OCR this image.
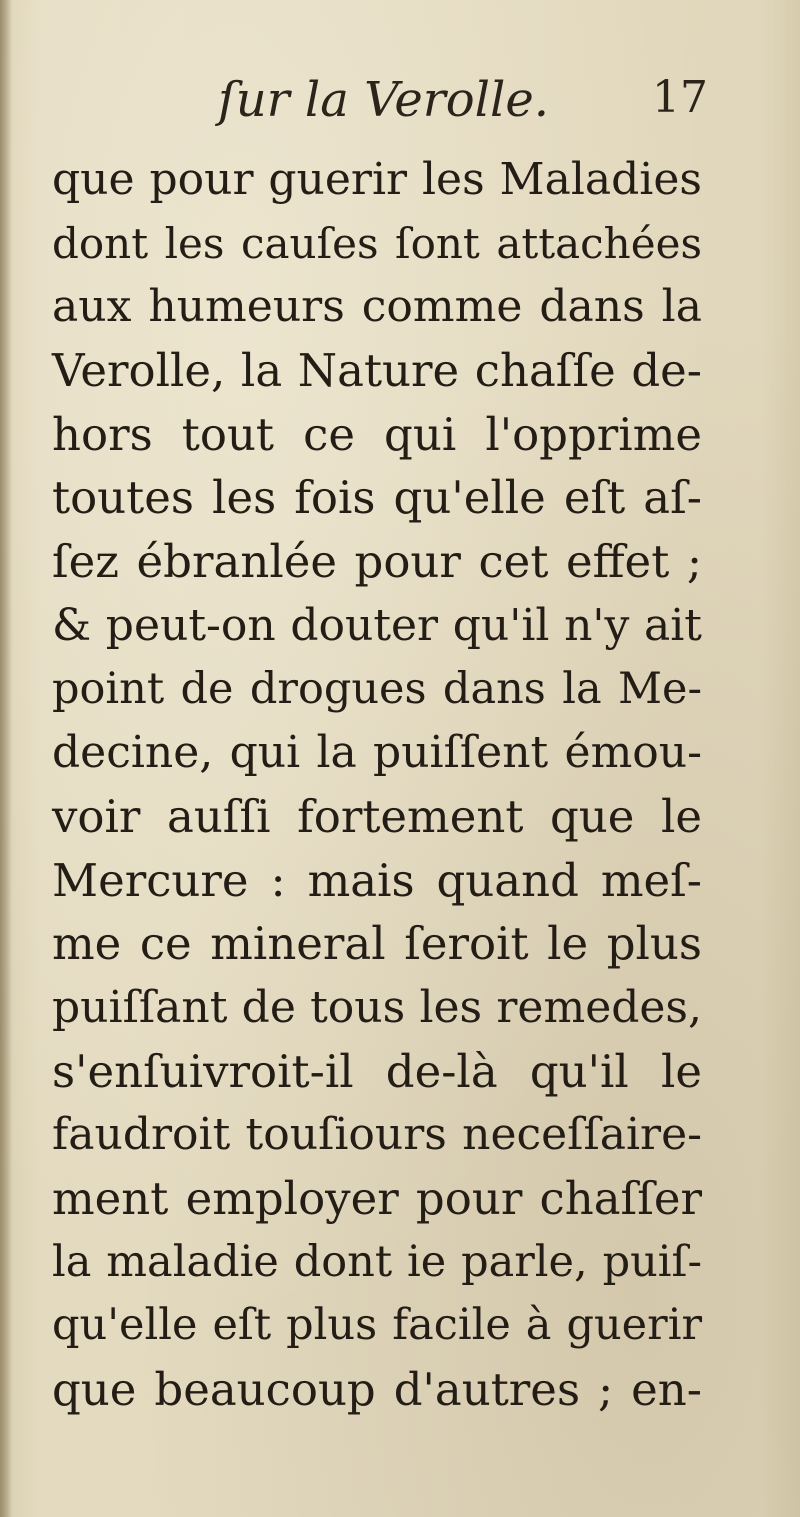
ſur la Verolle. 17
que pour guerir les Maladies
dont les cauſes ſont attachées
aux humeurs comme dans la
Verolle, la Nature chaſſe de-
hors tout ce qui l'opprime
toutes les fois qu'elle eſt aſ-
ſez ébranlée pour cet effet ;
& peut-on douter qu'il n'y ait
point de drogues dans la Me-
decine, qui la puiſſent émou-
voir auſſi fortement que le
Mercure : mais quand meſ-
me ce mineral ſeroit le plus
puiſſant de tous les remedes,
s'enſuivroit-il de-là qu'il le
faudroit touſiours neceſſaire-
ment employer pour chaſſer
la maladie dont ie parle, puiſ-
qu'elle eſt plus facile à guerir
que beaucoup d'autres ; en-
